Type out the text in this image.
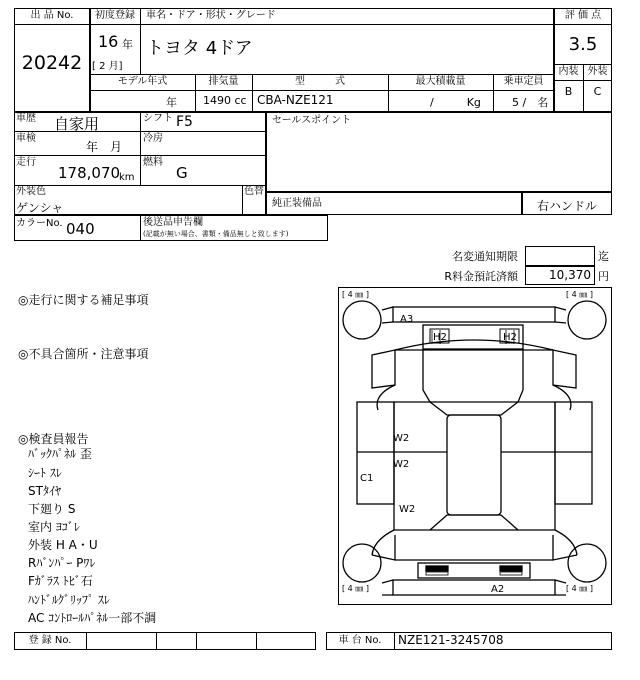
出 品 No.
20242
初度登録	車名・ドア・形状・グレード
16 年
[ 2 月]
トヨタ 4ドア
モデル年式	排気量	型　　　式	最大積載量	乗車定員
年 1490 cc CBA-NZE121	/　　　Kg	5 /　名
評 価 点
3.5
内装 外装
B	C
車歴 自家用	シフト F5
車検
年　月
冷房
走行
178,070
km
燃料
G
外装色
ゲンシャ
色替
カラーNo. 040	後送品申告欄
(記載が無い場合、書類・備品無しと致します)
セールスポイント
純正装備品	右ハンドル
名変通知期限	迄
R料金預託済額	10,370 円
◎走行に関する補足事項
◎不具合箇所・注意事項
◎検査員報告
ﾊﾞｯｸﾊﾟﾈﾙ 歪
ｼｰﾄ ｽﾚ
STﾀｲﾔ
下廻り S
室内 ﾖｺﾞﾚ
外装 H A・U
Rﾊﾞﾝﾊﾟｰ Pﾜﾚ
Fｶﾞﾗｽ ﾄﾋﾞ石
ﾊﾝﾄﾞﾙｸﾞﾘｯﾌﾟ ｽﾚ
AC ｺﾝﾄﾛｰﾙﾊﾟﾈﾙ一部不調
A3
H2	H2
W2
W2
C1
W2
A2
[ 4 ㎜ ]	[ 4 ㎜ ]
[ 4 ㎜ ]	[ 4 ㎜ ]
登 録 No.	車 台 No.	NZE121-3245708
